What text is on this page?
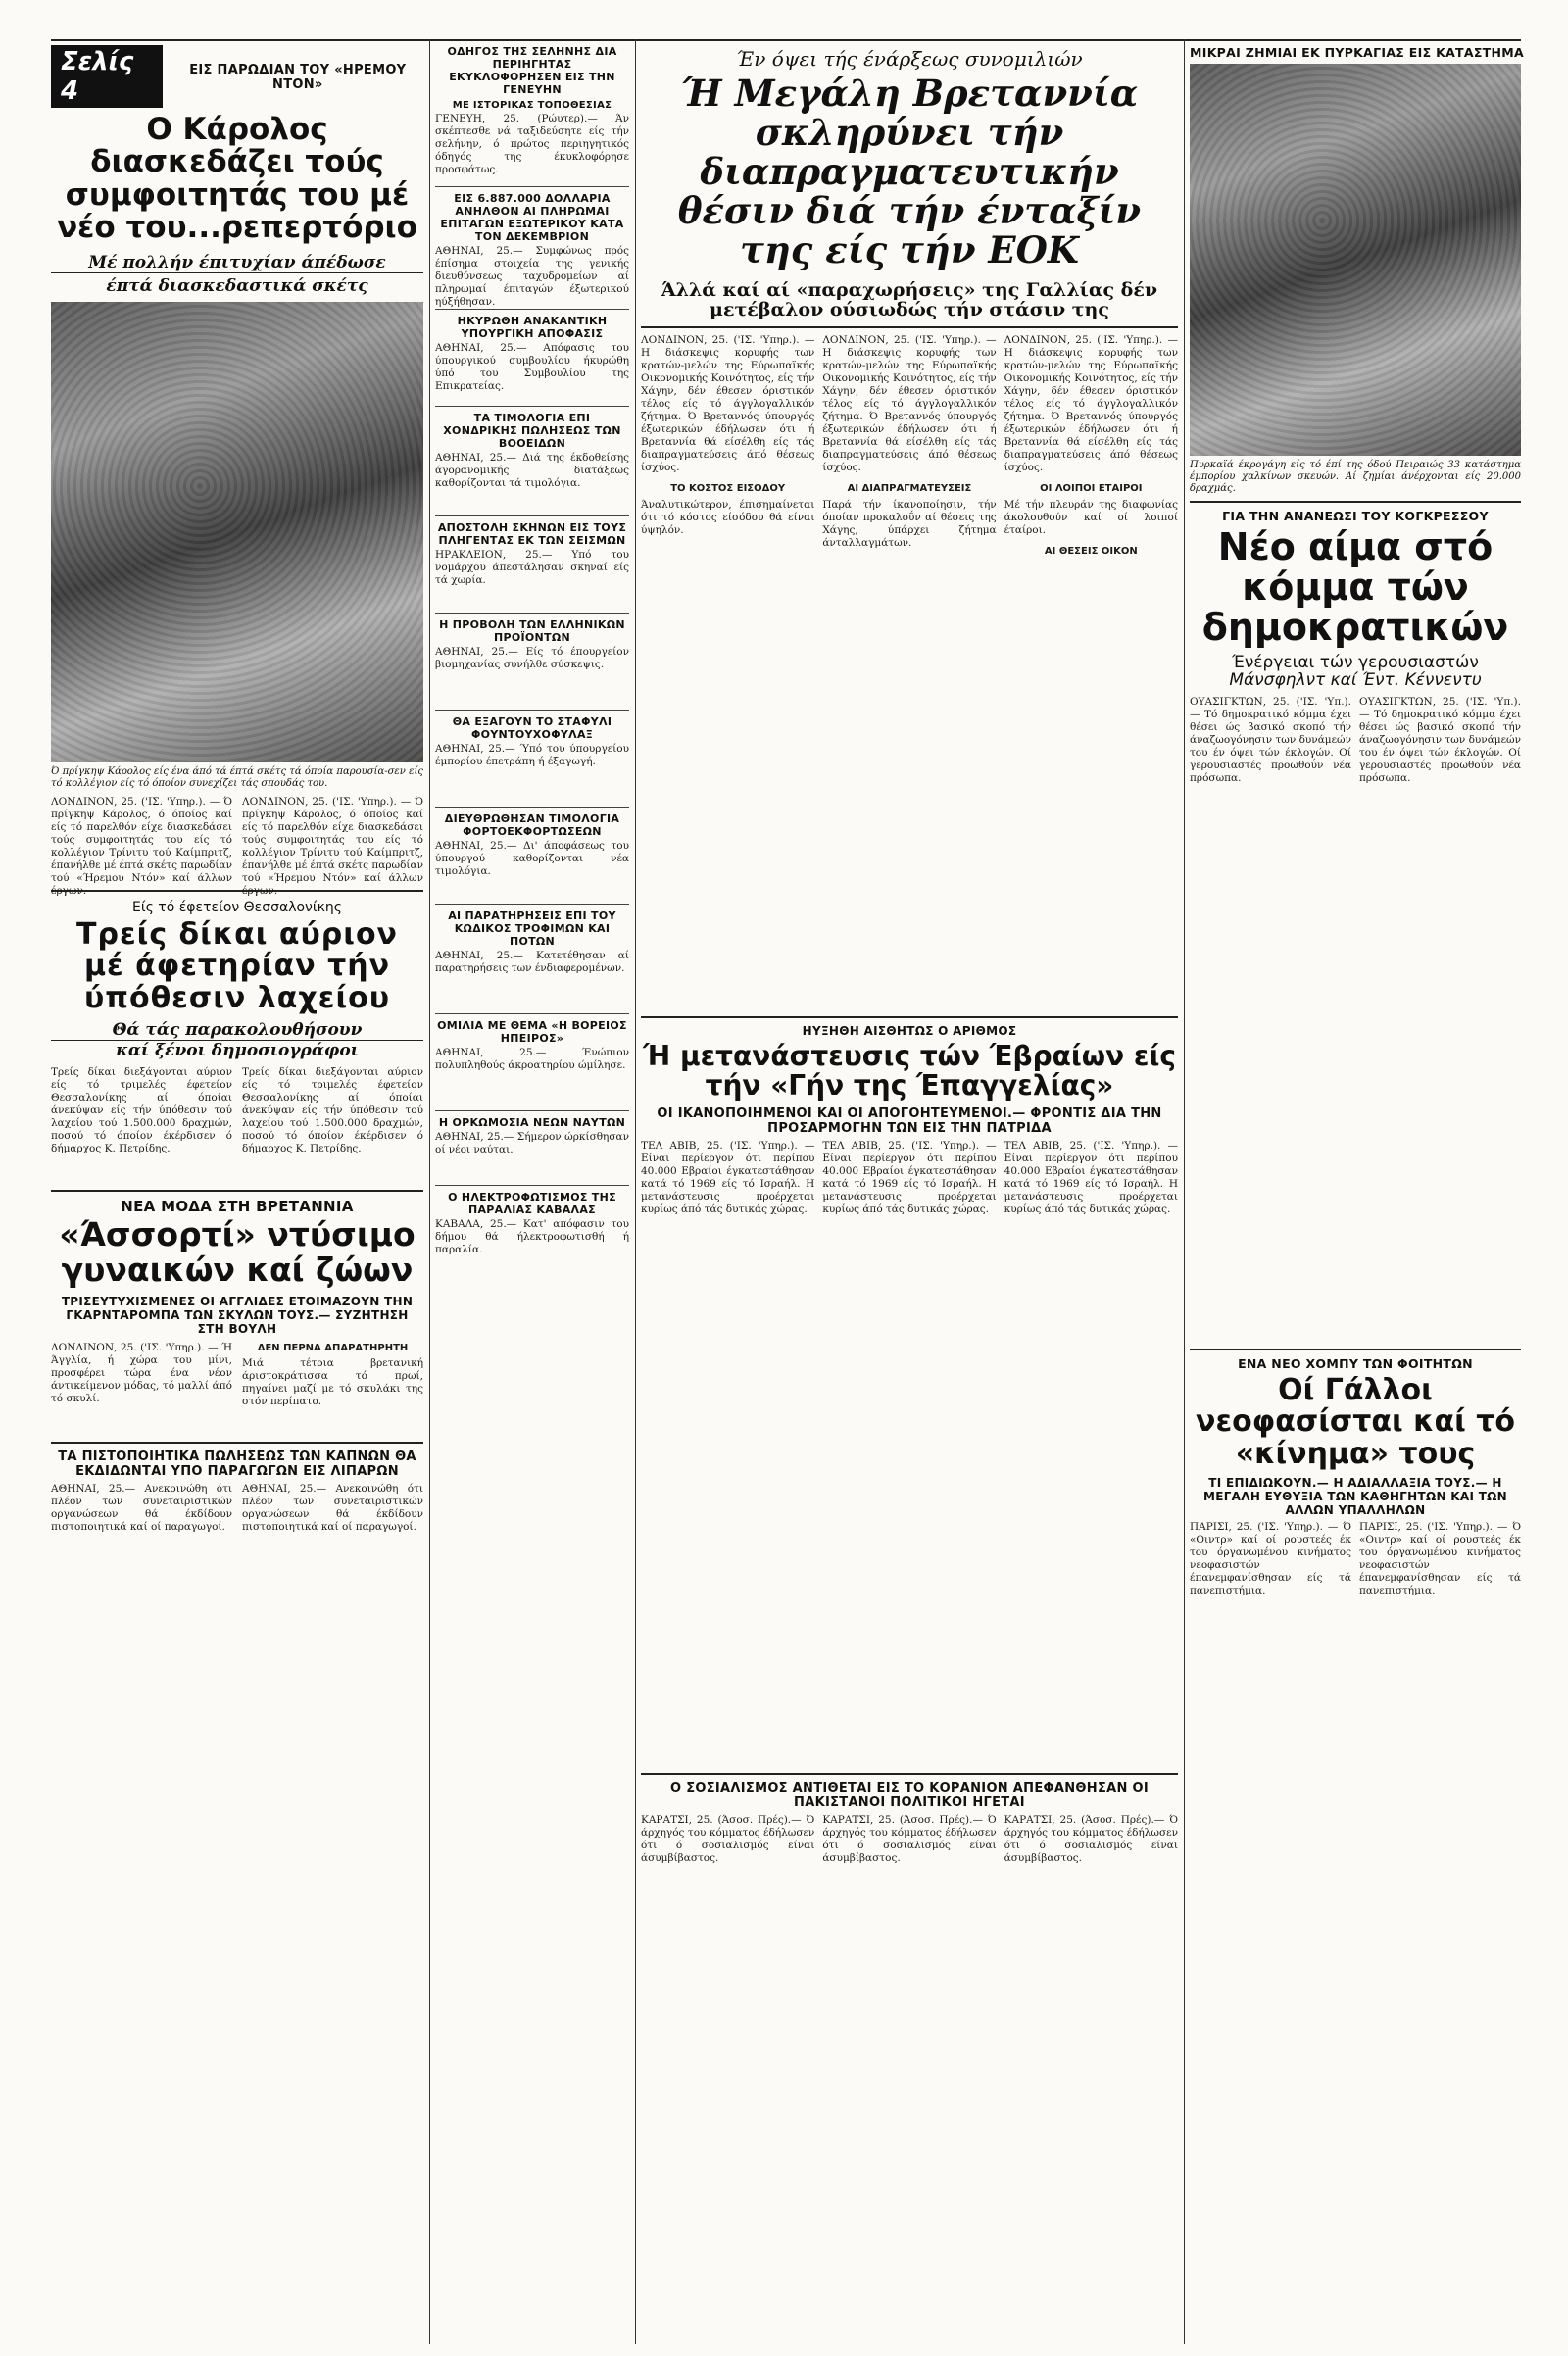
Σελίς 4
ΕΙΣ ΠΑΡΩΔΙΑΝ ΤΟΥ «ΗΡΕΜΟΥ ΝΤΟΝ»
Ο Κάρολος διασκεδάζει τούς συμφοιτητάς του μέ νέο του...ρεπερτόριο
Μέ πολλήν έπιτυχίαν άπέδωσε
έπτά διασκεδαστικά σκέτς
Ό πρίγκηψ Κάρολος είς ένα άπό τά έπτά σκέτς τά όποία παρουσία-σεν είς τό κολλέγιον είς τό όποίον συνεχίζει τάς σπουδάς του.
ΛΟΝΔΙΝΟΝ, 25. ('ΙΣ. 'Υπηρ.). — Ό πρίγκηψ Κάρολος, ό όποίος καί είς τό παρελθόν είχε διασκεδάσει τούς συμφοιτητάς του είς τό κολλέγιον Τρίνιτυ τού Καίμπριτζ, έπανήλθε μέ έπτά σκέτς παρωδίαν τού «Ήρεμου Ντόν» καί άλλων έργων.
ΛΟΝΔΙΝΟΝ, 25. ('ΙΣ. 'Υπηρ.). — Ό πρίγκηψ Κάρολος, ό όποίος καί είς τό παρελθόν είχε διασκεδάσει τούς συμφοιτητάς του είς τό κολλέγιον Τρίνιτυ τού Καίμπριτζ, έπανήλθε μέ έπτά σκέτς παρωδίαν τού «Ήρεμου Ντόν» καί άλλων έργων.
Είς τό έφετείον Θεσσαλονίκης
Τρείς δίκαι αύριον μέ άφετηρίαν τήν ύπόθεσιν λαχείου
Θά τάς παρακολουθήσουν
καί ξένοι δημοσιογράφοι
Τρείς δίκαι διεξάγονται αύριον είς τό τριμελές έφετείον Θεσσαλονίκης αί όποίαι άνεκύψαν είς τήν ύπόθεσιν τού λαχείου τού 1.500.000 δραχμών, ποσού τό όποίον έκέρδισεν ό δήμαρχος Κ. Πετρίδης.
Τρείς δίκαι διεξάγονται αύριον είς τό τριμελές έφετείον Θεσσαλονίκης αί όποίαι άνεκύψαν είς τήν ύπόθεσιν τού λαχείου τού 1.500.000 δραχμών, ποσού τό όποίον έκέρδισεν ό δήμαρχος Κ. Πετρίδης.
ΝΕΑ ΜΟΔΑ ΣΤΗ ΒΡΕΤΑΝΝΙΑ
«Άσσορτί» ντύσιμο γυναικών καί ζώων
ΤΡΙΣΕΥΤΥΧΙΣΜΕΝΕΣ ΟΙ ΑΓΓΛΙΔΕΣ ΕΤΟΙΜΑΖΟΥΝ ΤΗΝ ΓΚΑΡΝΤΑΡΟΜΠΑ ΤΩΝ ΣΚΥΛΩΝ ΤΟΥΣ.— ΣΥΖΗΤΗΣΗ ΣΤΗ ΒΟΥΛΗ
ΛΟΝΔΙΝΟΝ, 25. ('ΙΣ. 'Υπηρ.). — Ή Άγγλία, ή χώρα του μίνι, προσφέρει τώρα ένα νέον άντικείμενον μόδας, τό μαλλί άπό τό σκυλί.
ΔΕΝ ΠΕΡΝΑ ΑΠΑΡΑΤΗΡΗΤΗ
Μιά τέτοια βρετανική άριστοκράτισσα τό πρωί, πηγαίνει μαζί με τό σκυλάκι της στόν περίπατο.
ΤΑ ΠΙΣΤΟΠΟΙΗΤΙΚΑ ΠΩΛΗΣΕΩΣ ΤΩΝ ΚΑΠΝΩΝ ΘΑ ΕΚΔΙΔΩΝΤΑΙ ΥΠΟ ΠΑΡΑΓΩΓΩΝ ΕΙΣ ΛΙΠΑΡΩΝ
ΑΘΗΝΑΙ, 25.— Ανεκοινώθη ότι πλέον των συνεταιριστικών οργανώσεων θά έκδίδουν πιστοποιητικά καί οί παραγωγοί.
ΑΘΗΝΑΙ, 25.— Ανεκοινώθη ότι πλέον των συνεταιριστικών οργανώσεων θά έκδίδουν πιστοποιητικά καί οί παραγωγοί.
ΟΔΗΓΟΣ ΤΗΣ ΣΕΛΗΝΗΣ ΔΙΑ ΠΕΡΙΗΓΗΤΑΣ ΕΚΥΚΛΟΦΟΡΗΣΕΝ ΕΙΣ ΤΗΝ ΓΕΝΕΥΗΝ
ΜΕ ΙΣΤΟΡΙΚΑΣ ΤΟΠΟΘΕΣΙΑΣ
ΓΕΝΕΥΗ, 25. (Ρώυτερ).— Άν σκέπτεσθε νά ταξιδεύσητε είς τήν σελήνην, ό πρώτος περιηγητικός όδηγός της έκυκλοφόρησε προσφάτως.
ΕΙΣ 6.887.000 ΔΟΛΛΑΡΙΑ ΑΝΗΛΘΟΝ ΑΙ ΠΛΗΡΩΜΑΙ ΕΠΙΤΑΓΩΝ ΕΞΩΤΕΡΙΚΟΥ ΚΑΤΑ ΤΟΝ ΔΕΚΕΜΒΡΙΟΝ
ΑΘΗΝΑΙ, 25.— Συμφώνως πρός έπίσημα στοιχεία της γενικής διευθύνσεως ταχυδρομείων αί πληρωμαί έπιταγών έξωτερικού ηύξήθησαν.
ΗΚΥΡΩΘΗ ΑΝΑΚΑΝΤΙΚΗ ΥΠΟΥΡΓΙΚΗ ΑΠΟΦΑΣΙΣ
ΑΘΗΝΑΙ, 25.— Απόφασις του ύπουργικού συμβουλίου ήκυρώθη ύπό του Συμβουλίου της Επικρατείας.
ΤΑ ΤΙΜΟΛΟΓΙΑ ΕΠΙ ΧΟΝΔΡΙΚΗΣ ΠΩΛΗΣΕΩΣ ΤΩΝ ΒΟΟΕΙΔΩΝ
ΑΘΗΝΑΙ, 25.— Διά της έκδοθείσης άγορανομικής διατάξεως καθορίζονται τά τιμολόγια.
ΑΠΟΣΤΟΛΗ ΣΚΗΝΩΝ ΕΙΣ ΤΟΥΣ ΠΛΗΓΕΝΤΑΣ ΕΚ ΤΩΝ ΣΕΙΣΜΩΝ
ΗΡΑΚΛΕΙΟΝ, 25.— Υπό του νομάρχου άπεστάλησαν σκηναί είς τά χωρία.
Η ΠΡΟΒΟΛΗ ΤΩΝ ΕΛΛΗΝΙΚΩΝ ΠΡΟΪΟΝΤΩΝ
ΑΘΗΝΑΙ, 25.— Είς τό έπουργείον βιομηχανίας συνήλθε σύσκεψις.
ΘΑ ΕΞΑΓΟΥΝ ΤΟ ΣΤΑΦΥΛΙ ΦΟΥΝΤΟΥΧΟΦΥΛΑΞ
ΑΘΗΝΑΙ, 25.— Ύπό του ύπουργείου έμπορίου έπετράπη ή έξαγωγή.
ΔΙΕΥΘΡΩΘΗΣΑΝ ΤΙΜΟΛΟΓΙΑ ΦΟΡΤΟΕΚΦΟΡΤΩΣΕΩΝ
ΑΘΗΝΑΙ, 25.— Δι' άποφάσεως του ύπουργού καθορίζονται νέα τιμολόγια.
ΑΙ ΠΑΡΑΤΗΡΗΣΕΙΣ ΕΠΙ ΤΟΥ ΚΩΔΙΚΟΣ ΤΡΟΦΙΜΩΝ ΚΑΙ ΠΟΤΩΝ
ΑΘΗΝΑΙ, 25.— Κατετέθησαν αί παρατηρήσεις των ένδιαφερομένων.
ΟΜΙΛΙΑ ΜΕ ΘΕΜΑ «Η ΒΟΡΕΙΟΣ ΗΠΕΙΡΟΣ»
ΑΘΗΝΑΙ, 25.— Ένώπιον πολυπληθούς άκροατηρίου ώμίλησε.
Η ΟΡΚΩΜΟΣΙΑ ΝΕΩΝ ΝΑΥΤΩΝ
ΑΘΗΝΑΙ, 25.— Σήμερον ώρκίσθησαν οί νέοι ναύται.
Ο ΗΛΕΚΤΡΟΦΩΤΙΣΜΟΣ ΤΗΣ ΠΑΡΑΛΙΑΣ ΚΑΒΑΛΑΣ
ΚΑΒΑΛΑ, 25.— Κατ' απόφασιν του δήμου θά ήλεκτροφωτισθή ή παραλία.
Έν όψει τής ένάρξεως συνομιλιών
Ή Μεγάλη Βρεταννία σκληρύνει τήν διαπραγματευτικήν θέσιν διά τήν ένταξίν της είς τήν ΕΟΚ
Άλλά καί αί «παραχωρήσεις» της Γαλλίας δέν μετέβαλον ούσιωδώς τήν στάσιν της
ΛΟΝΔΙΝΟΝ, 25. ('ΙΣ. 'Υπηρ.). — Η διάσκεψις κορυφής των κρατών-μελών της Εύρωπαϊκής Οικονομικής Κοινότητος, είς τήν Χάγην, δέν έθεσεν όριστικόν τέλος είς τό άγγλογαλλικόν ζήτημα. Ό Βρεταννός ύπουργός έξωτερικών έδήλωσεν ότι ή Βρεταννία θά είσέλθη είς τάς διαπραγματεύσεις άπό θέσεως ίσχύος.
ΤΟ ΚΟΣΤΟΣ ΕΙΣΟΔΟΥ
Άναλυτικώτερον, έπισημαίνεται ότι τό κόστος είσόδου θά είναι ύψηλόν.
ΛΟΝΔΙΝΟΝ, 25. ('ΙΣ. 'Υπηρ.). — Η διάσκεψις κορυφής των κρατών-μελών της Εύρωπαϊκής Οικονομικής Κοινότητος, είς τήν Χάγην, δέν έθεσεν όριστικόν τέλος είς τό άγγλογαλλικόν ζήτημα. Ό Βρεταννός ύπουργός έξωτερικών έδήλωσεν ότι ή Βρεταννία θά είσέλθη είς τάς διαπραγματεύσεις άπό θέσεως ίσχύος.
ΑΙ ΔΙΑΠΡΑΓΜΑΤΕΥΣΕΙΣ
Παρά τήν ίκανοποίησιν, τήν όποίαν προκαλοΰν αί θέσεις της Χάγης, ύπάρχει ζήτημα άνταλλαγμάτων.
ΛΟΝΔΙΝΟΝ, 25. ('ΙΣ. 'Υπηρ.). — Η διάσκεψις κορυφής των κρατών-μελών της Εύρωπαϊκής Οικονομικής Κοινότητος, είς τήν Χάγην, δέν έθεσεν όριστικόν τέλος είς τό άγγλογαλλικόν ζήτημα. Ό Βρεταννός ύπουργός έξωτερικών έδήλωσεν ότι ή Βρεταννία θά είσέλθη είς τάς διαπραγματεύσεις άπό θέσεως ίσχύος.
ΟΙ ΛΟΙΠΟΙ ΕΤΑΙΡΟΙ
Μέ τήν πλευράν της διαφωνίας άκολουθούν καί οί λοιποί έταίροι.
ΑΙ ΘΕΣΕΙΣ ΟΙΚΟΝ
ΗΥΞΗΘΗ ΑΙΣΘΗΤΩΣ Ο ΑΡΙΘΜΟΣ
Ή μετανάστευσις τών Έβραίων είς τήν «Γήν της Έπαγγελίας»
ΟΙ ΙΚΑΝΟΠΟΙΗΜΕΝΟΙ ΚΑΙ ΟΙ ΑΠΟΓΟΗΤΕΥΜΕΝΟΙ.— ΦΡΟΝΤΙΣ ΔΙΑ ΤΗΝ ΠΡΟΣΑΡΜΟΓΗΝ ΤΩΝ ΕΙΣ ΤΗΝ ΠΑΤΡΙΔΑ
ΤΕΛ ΑΒΙΒ, 25. ('ΙΣ. 'Υπηρ.). — Είναι περίεργον ότι περίπου 40.000 Εβραίοι έγκατεστάθησαν κατά τό 1969 είς τό Ισραήλ. Η μετανάστευσις προέρχεται κυρίως άπό τάς δυτικάς χώρας.
ΤΕΛ ΑΒΙΒ, 25. ('ΙΣ. 'Υπηρ.). — Είναι περίεργον ότι περίπου 40.000 Εβραίοι έγκατεστάθησαν κατά τό 1969 είς τό Ισραήλ. Η μετανάστευσις προέρχεται κυρίως άπό τάς δυτικάς χώρας.
ΤΕΛ ΑΒΙΒ, 25. ('ΙΣ. 'Υπηρ.). — Είναι περίεργον ότι περίπου 40.000 Εβραίοι έγκατεστάθησαν κατά τό 1969 είς τό Ισραήλ. Η μετανάστευσις προέρχεται κυρίως άπό τάς δυτικάς χώρας.
Ο ΣΟΣΙΑΛΙΣΜΟΣ ΑΝΤΙΘΕΤΑΙ ΕΙΣ ΤΟ ΚΟΡΑΝΙΟΝ ΑΠΕΦΑΝΘΗΣΑΝ ΟΙ ΠΑΚΙΣΤΑΝΟΙ ΠΟΛΙΤΙΚΟΙ ΗΓΕΤΑΙ
ΚΑΡΑΤΣΙ, 25. (Άσοσ. Πρές).— Ό άρχηγός του κόμματος έδήλωσεν ότι ό σοσιαλισμός είναι άσυμβίβαστος.
ΚΑΡΑΤΣΙ, 25. (Άσοσ. Πρές).— Ό άρχηγός του κόμματος έδήλωσεν ότι ό σοσιαλισμός είναι άσυμβίβαστος.
ΚΑΡΑΤΣΙ, 25. (Άσοσ. Πρές).— Ό άρχηγός του κόμματος έδήλωσεν ότι ό σοσιαλισμός είναι άσυμβίβαστος.
ΜΙΚΡΑΙ ΖΗΜΙΑΙ ΕΚ ΠΥΡΚΑΓΙΑΣ ΕΙΣ ΚΑΤΑΣΤΗΜΑ
Πυρκαϊά έκρογάγη είς τό έπί της όδού Πειραιώς 33 κατάστημα έμπορίου χαλκίνων σκευών. Αί ζημίαι άνέρχονται είς 20.000 δραχμάς.
ΓΙΑ ΤΗΝ ΑΝΑΝΕΩΣΙ ΤΟΥ ΚΟΓΚΡΕΣΣΟΥ
Νέο αίμα στό κόμμα τών δημοκρατικών
Ένέργειαι τών γερουσιαστών
Μάνσφηλντ καί Έντ. Κέννεντυ
ΟΥΑΣΙΓΚΤΩΝ, 25. ('ΙΣ. 'Υπ.). — Τό δημοκρατικό κόμμα έχει θέσει ώς βασικό σκοπό τήν άναζωογόνησιν των δυνάμεών του έν όψει τών έκλογών. Οί γερουσιαστές προωθοΰν νέα πρόσωπα.
ΟΥΑΣΙΓΚΤΩΝ, 25. ('ΙΣ. 'Υπ.). — Τό δημοκρατικό κόμμα έχει θέσει ώς βασικό σκοπό τήν άναζωογόνησιν των δυνάμεών του έν όψει τών έκλογών. Οί γερουσιαστές προωθοΰν νέα πρόσωπα.
ΕΝΑ ΝΕΟ ΧΟΜΠΥ ΤΩΝ ΦΟΙΤΗΤΩΝ
Οί Γάλλοι νεοφασίσται καί τό «κίνημα» τους
ΤΙ ΕΠΙΔΙΩΚΟΥΝ.— Η ΑΔΙΑΛΛΑΞΙΑ ΤΟΥΣ.— Η ΜΕΓΑΛΗ ΕΥΘΥΞΙΑ ΤΩΝ ΚΑΘΗΓΗΤΩΝ ΚΑΙ ΤΩΝ ΑΛΛΩΝ ΥΠΑΛΛΗΛΩΝ
ΠΑΡΙΣΙ, 25. ('ΙΣ. 'Υπηρ.). — Ό «Οιντρ» καί οί ρουστεές έκ του όργανωμένου κινήματος νεοφασιστών έπανεμφανίσθησαν είς τά πανεπιστήμια.
ΠΑΡΙΣΙ, 25. ('ΙΣ. 'Υπηρ.). — Ό «Οιντρ» καί οί ρουστεές έκ του όργανωμένου κινήματος νεοφασιστών έπανεμφανίσθησαν είς τά πανεπιστήμια.
